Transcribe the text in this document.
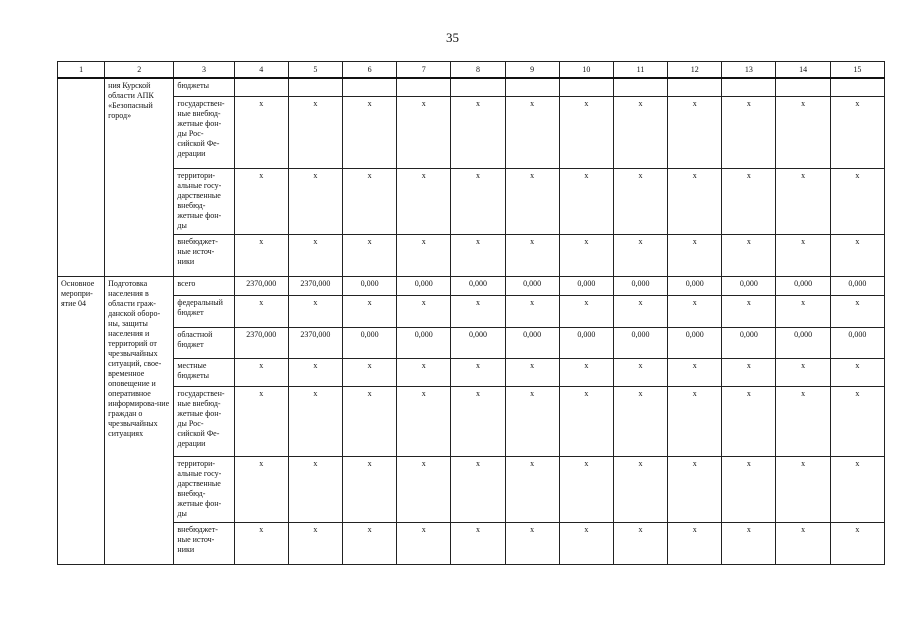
35
1	2	3	4	5	6	7	8	9	10	11	12	13	14	15
	ния Курской области АПК «Безопасный город»	бюджеты												
		государствен-ные внебюд-жетные фон-ды Рос-сийской Фе-дерации	x	x	x	x	x	x	x	x	x	x	x	x
		территори-альные госу-дарственные внебюд-жетные фон-ды	x	x	x	x	x	x	x	x	x	x	x	x
		внебюджет-ные источ-ники	x	x	x	x	x	x	x	x	x	x	x	x
Основное меропри-ятие 04	Подготовка населения в области граж-данской оборо-ны, защиты населения и территорий от чрезвычайных ситуаций, свое-временное оповещение и оперативное информирова-ние граждан о чрезвычайных ситуациях	всего	2370,000	2370,000	0,000	0,000	0,000	0,000	0,000	0,000	0,000	0,000	0,000	0,000
		федеральный бюджет	x	x	x	x	x	x	x	x	x	x	x	x
		областной бюджет	2370,000	2370,000	0,000	0,000	0,000	0,000	0,000	0,000	0,000	0,000	0,000	0,000
		местные бюджеты	x	x	x	x	x	x	x	x	x	x	x	x
		государствен-ные внебюд-жетные фон-ды Рос-сийской Фе-дерации	x	x	x	x	x	x	x	x	x	x	x	x
		территори-альные госу-дарственные внебюд-жетные фон-ды	x	x	x	x	x	x	x	x	x	x	x	x
		внебюджет-ные источ-ники	x	x	x	x	x	x	x	x	x	x	x	x
